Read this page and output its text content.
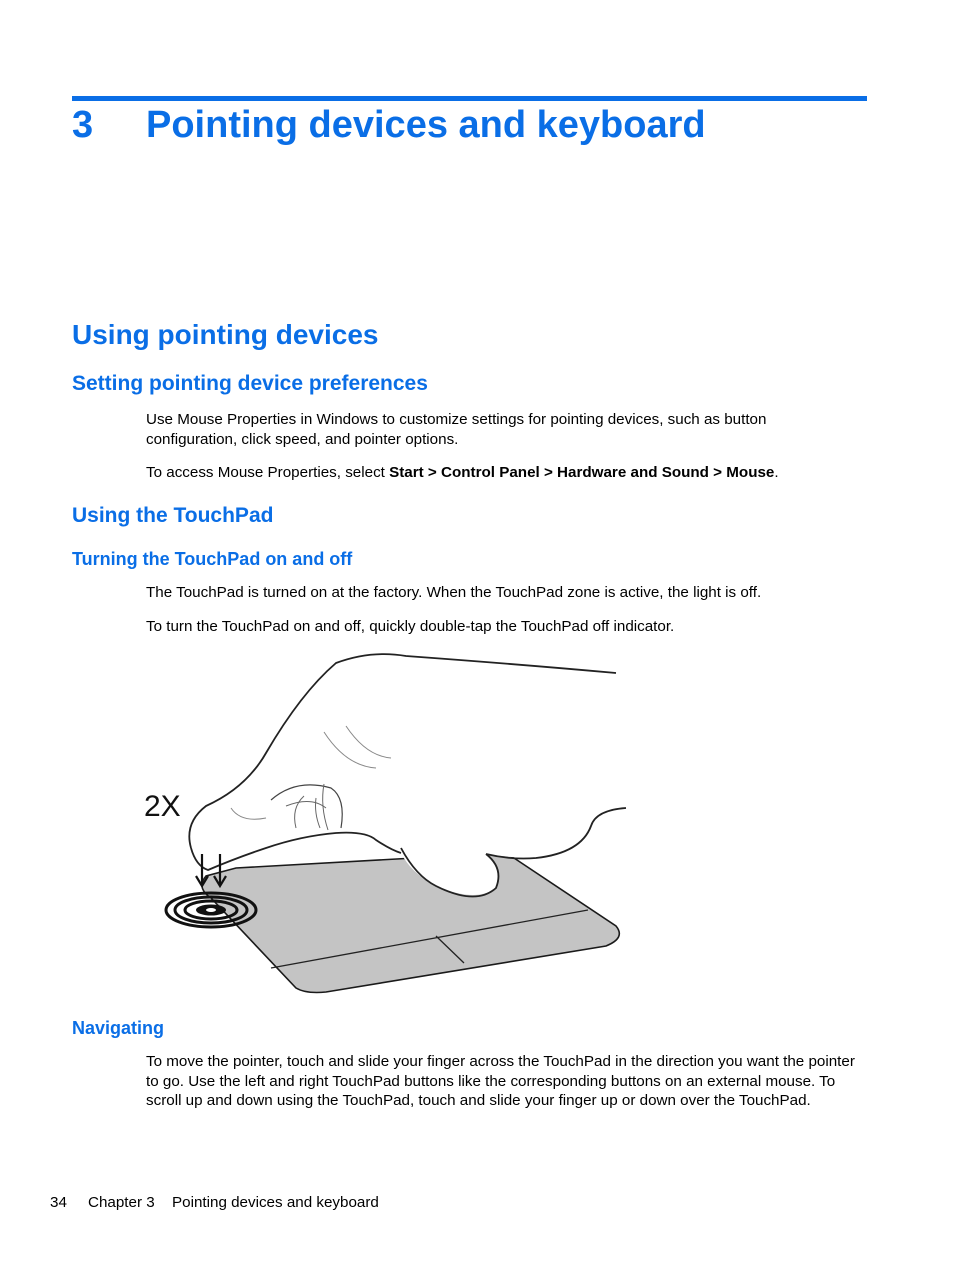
3 Pointing devices and keyboard
Using pointing devices
Setting pointing device preferences
Use Mouse Properties in Windows to customize settings for pointing devices, such as button configuration, click speed, and pointer options.
To access Mouse Properties, select Start > Control Panel > Hardware and Sound > Mouse.
Using the TouchPad
Turning the TouchPad on and off
The TouchPad is turned on at the factory. When the TouchPad zone is active, the light is off.
To turn the TouchPad on and off, quickly double-tap the TouchPad off indicator.
2X
Navigating
To move the pointer, touch and slide your finger across the TouchPad in the direction you want the pointer to go. Use the left and right TouchPad buttons like the corresponding buttons on an external mouse. To scroll up and down using the TouchPad, touch and slide your finger up or down over the TouchPad.
34 Chapter 3 Pointing devices and keyboard
